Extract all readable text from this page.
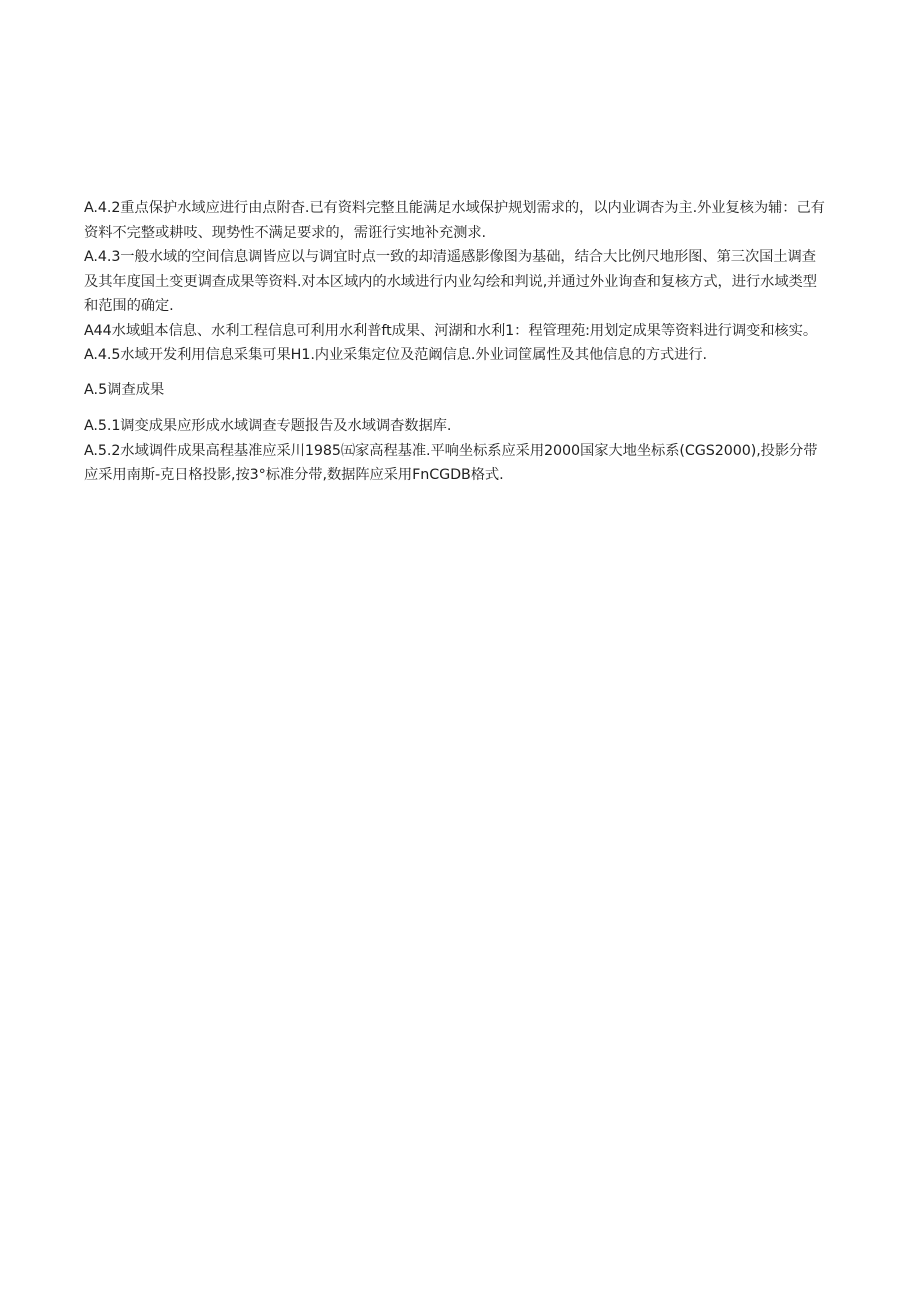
A.4.2重点保护水域应进行由点附杳.已有资料完整且能满足水域保护规划需求的，以内业调杏为主.外业复核为辅：己有资料不完整或耕吱、现势性不满足要求的，需诳行实地补充测求.

A.4.3一般水域的空间信息调皆应以与调宜时点一致的却清遥感影像图为基础，结合大比例尺地形图、第三次国土调查及其年度国土变更调查成果等资料.对本区域内的水域进行内业勾绘和判说,并通过外业询查和复核方式，进行水域类型和范围的确定.

A44水域蛆本信息、水利工程信息可利用水利普ft成果、河湖和水利1：程管理苑:用划定成果等资料进行调变和核实。

A.4.5水域开发利用信息采集可果H1.内业采集定位及范阚信息.外业词筐属性及其他信息的方式进行.

A.5调查成果

A.5.1调变成果应形成水域调查专题报告及水域调杳数据库.

A.5.2水域调件成果高程基准应采川1985㈤家高程基准.平响坐标系应采用2000国家大地坐标系(CGS2000),投影分带应采用南斯-克日格投影,按3°标准分带,数据阵应采用FnCGDB格式.
